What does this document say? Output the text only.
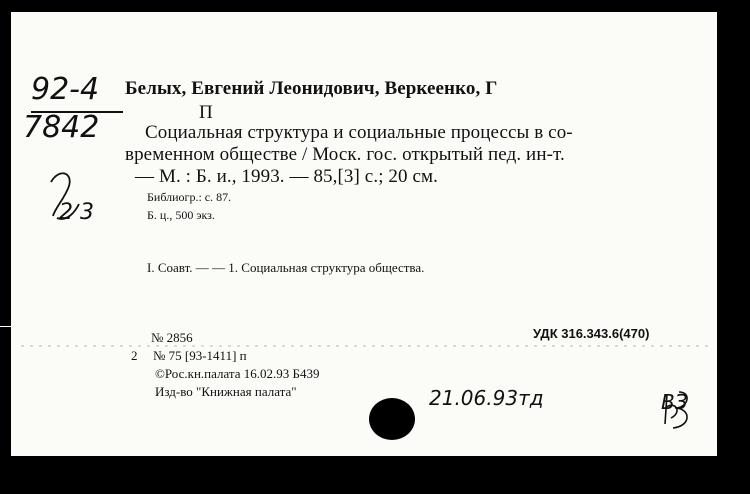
92-4
7842
2 3
Белых, Евгений Леонидович, Веркеенко, Г
П
Социальная структура и социальные процессы в со-
временном обществе / Моск. гос. открытый пед. ин-т.
— М. : Б. и., 1993. — 85,[3] с.; 20 см.
Библиогр.: с. 87.
Б. ц., 500 экз.
I. Соавт. — — 1. Социальная структура общества.
№ 2856	УДК 316.343.6(470)
2 № 75 [93-1411] п
©Рос.кн.палата 16.02.93 Б439
Изд-во "Книжная палата"	21.06.93тд	ВЗ
